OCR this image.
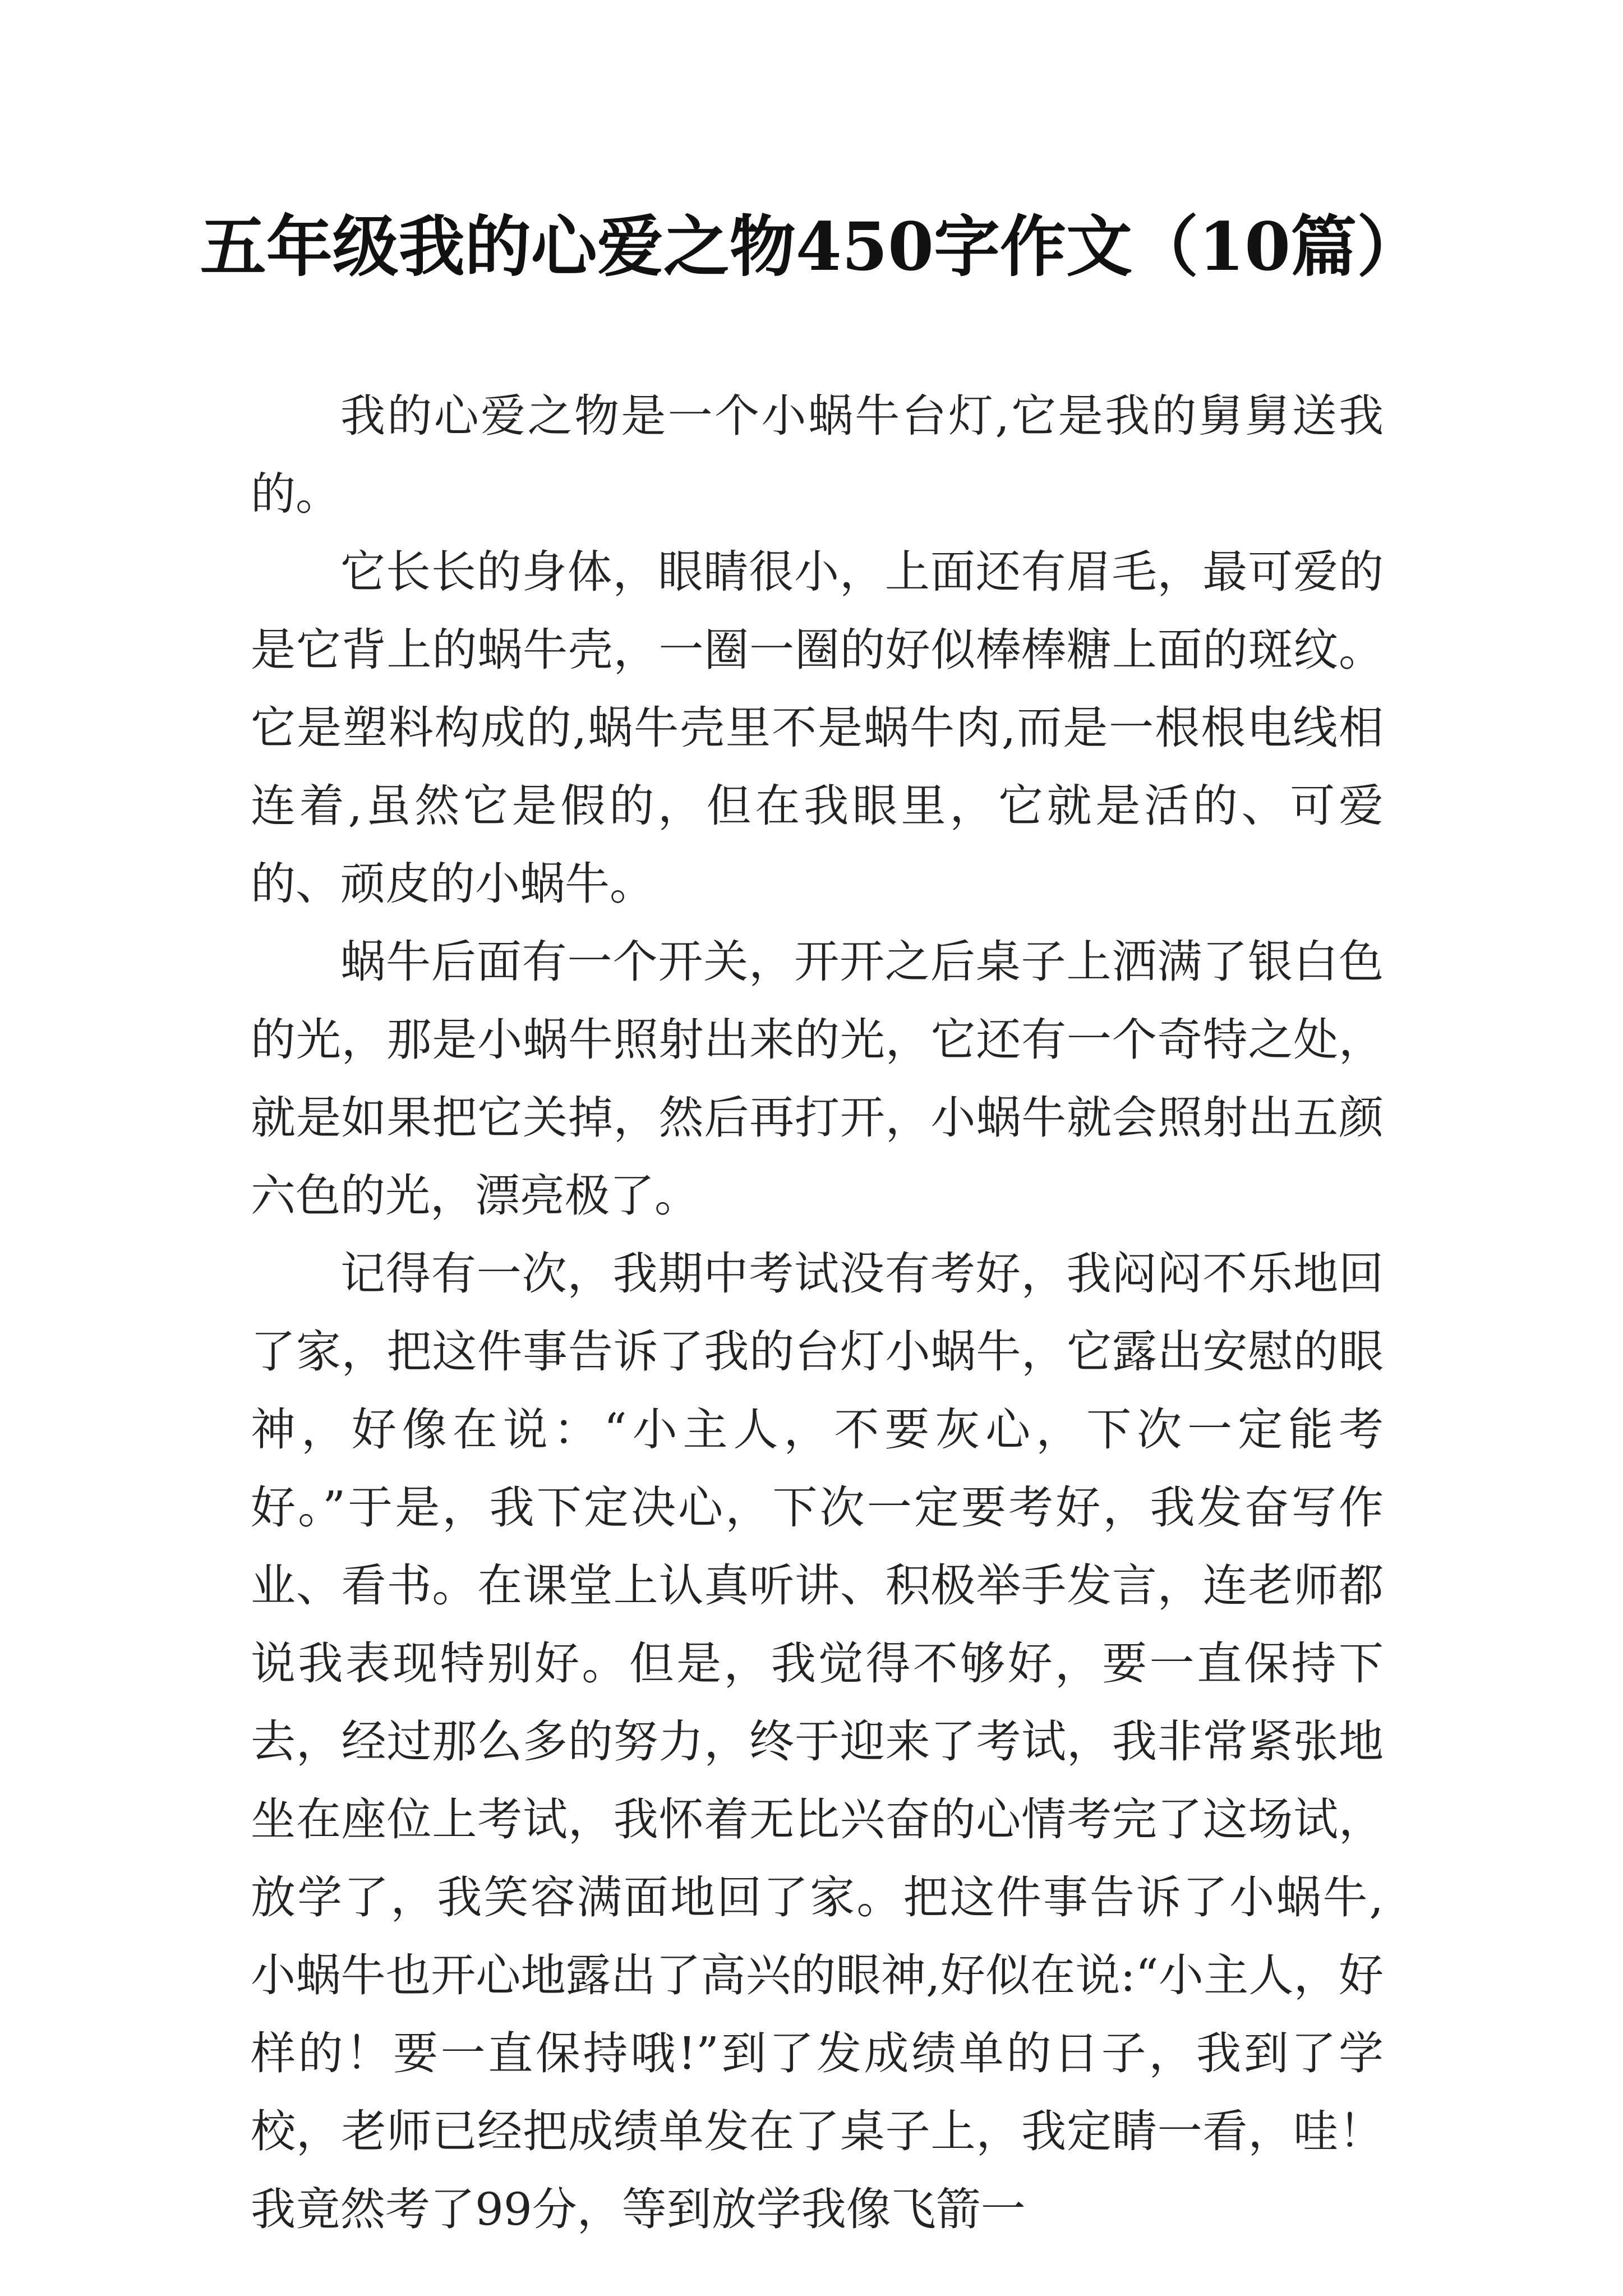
五年级我的心爱之物450字作文（10篇）

我的心爱之物是一个小蜗牛台灯,它是我的舅舅送我的。

它长长的身体，眼睛很小，上面还有眉毛，最可爱的是它背上的蜗牛壳，一圈一圈的好似棒棒糖上面的斑纹。它是塑料构成的,蜗牛壳里不是蜗牛肉,而是一根根电线相连着,虽然它是假的，但在我眼里，它就是活的、可爱的、顽皮的小蜗牛。

蜗牛后面有一个开关，开开之后桌子上洒满了银白色的光，那是小蜗牛照射出来的光，它还有一个奇特之处，就是如果把它关掉，然后再打开，小蜗牛就会照射出五颜六色的光，漂亮极了。

记得有一次，我期中考试没有考好，我闷闷不乐地回了家，把这件事告诉了我的台灯小蜗牛，它露出安慰的眼神，好像在说：“小主人，不要灰心，下次一定能考好。”于是，我下定决心，下次一定要考好，我发奋写作业、看书。在课堂上认真听讲、积极举手发言，连老师都说我表现特别好。但是，我觉得不够好，要一直保持下去，经过那么多的努力，终于迎来了考试，我非常紧张地坐在座位上考试，我怀着无比兴奋的心情考完了这场试，放学了，我笑容满面地回了家。把这件事告诉了小蜗牛,小蜗牛也开心地露出了高兴的眼神,好似在说:“小主人，好样的！要一直保持哦!”到了发成绩单的日子，我到了学校，老师已经把成绩单发在了桌子上，我定睛一看，哇！我竟然考了99分，等到放学我像飞箭一
